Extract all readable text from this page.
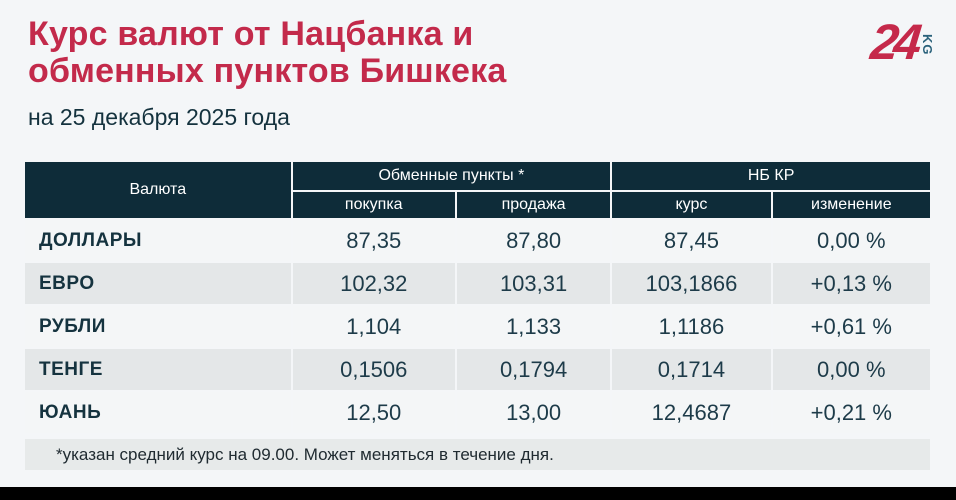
Курс валют от Нацбанка и
обменных пунктов Бишкека

на 25 декабря 2025 года

24 KG
Валюта	Обменные пункты *		НБ КР	
	покупка	продажа	курс	изменение
ДОЛЛАРЫ	87,35	87,80	87,45	0,00 %
ЕВРО	102,32	103,31	103,1866	+0,13 %
РУБЛИ	1,104	1,133	1,1186	+0,61 %
ТЕНГЕ	0,1506	0,1794	0,1714	0,00 %
ЮАНЬ	12,50	13,00	12,4687	+0,21 %
*указан средний курс на 09.00. Может меняться в течение дня.
